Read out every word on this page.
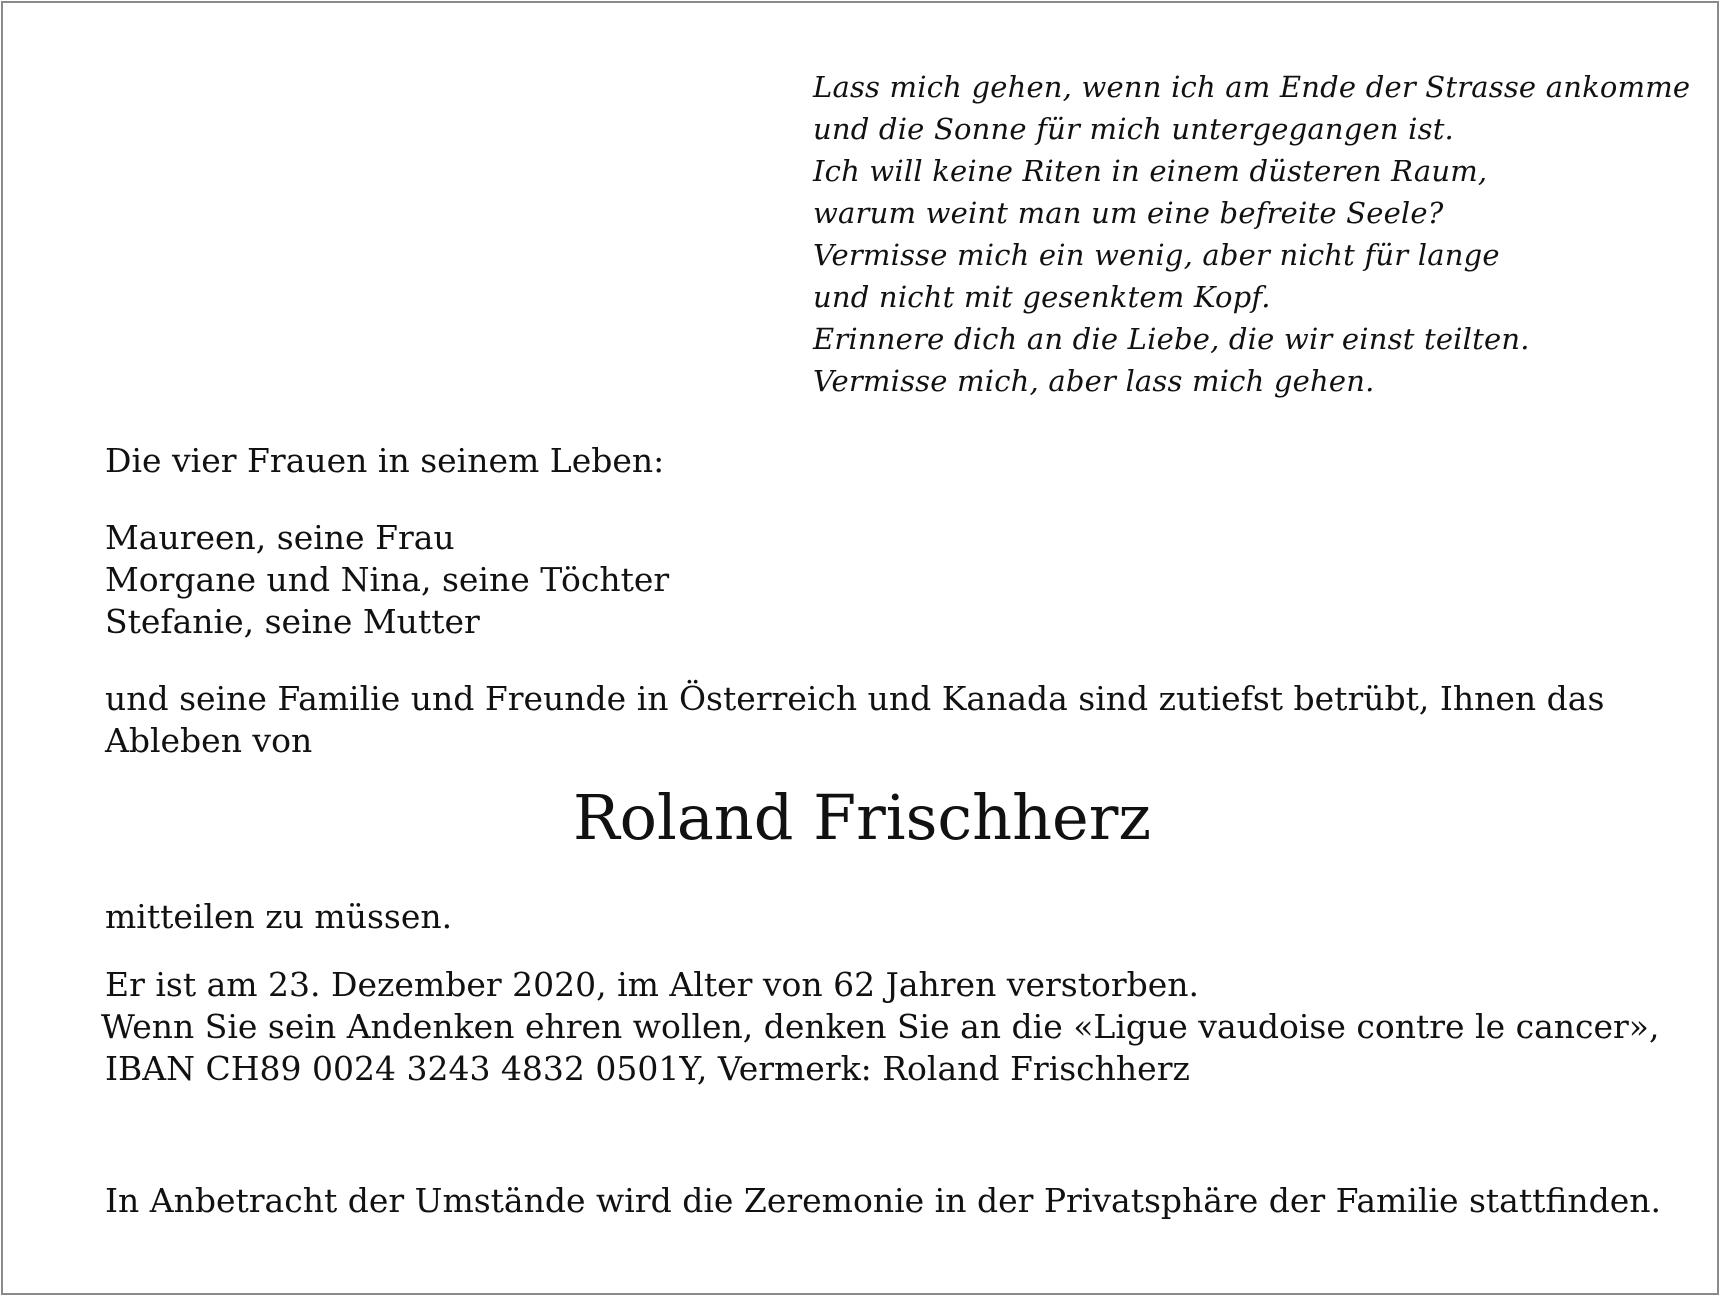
Lass mich gehen, wenn ich am Ende der Strasse ankomme
und die Sonne für mich untergegangen ist.
Ich will keine Riten in einem düsteren Raum,
warum weint man um eine befreite Seele?
Vermisse mich ein wenig, aber nicht für lange
und nicht mit gesenktem Kopf.
Erinnere dich an die Liebe, die wir einst teilten.
Vermisse mich, aber lass mich gehen.
Die vier Frauen in seinem Leben:
Maureen, seine Frau
Morgane und Nina, seine Töchter
Stefanie, seine Mutter
und seine Familie und Freunde in Österreich und Kanada sind zutiefst betrübt, Ihnen das
Ableben von
Roland Frischherz
mitteilen zu müssen.
Er ist am 23. Dezember 2020, im Alter von 62 Jahren verstorben.
Wenn Sie sein Andenken ehren wollen, denken Sie an die «Ligue vaudoise contre le cancer»,
IBAN CH89 0024 3243 4832 0501Y, Vermerk: Roland Frischherz
In Anbetracht der Umstände wird die Zeremonie in der Privatsphäre der Familie stattfinden.
